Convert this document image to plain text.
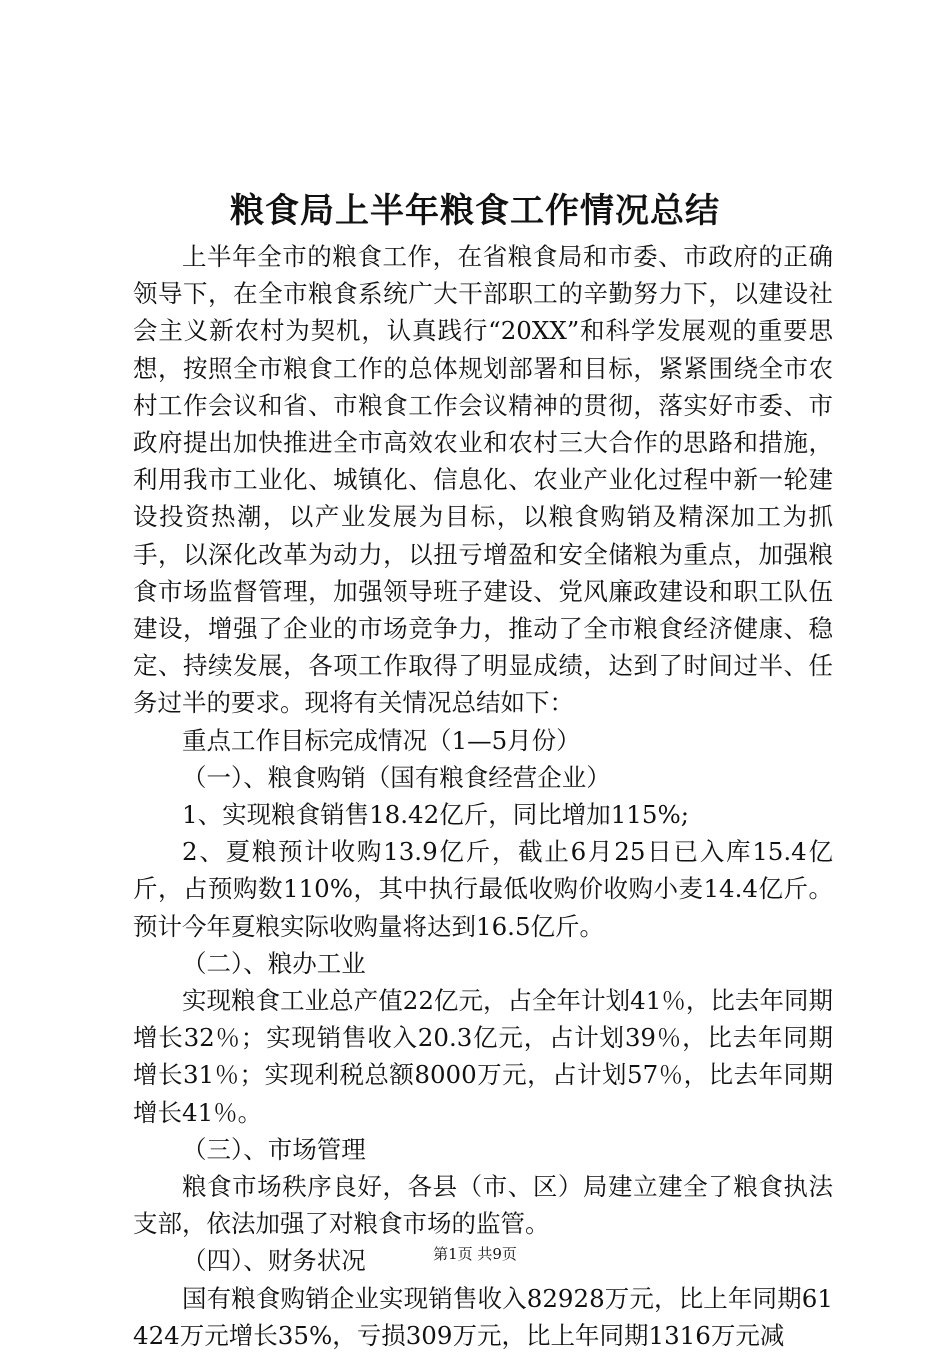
粮食局上半年粮食工作情况总结

上半年全市的粮食工作，在省粮食局和市委、市政府的正确领导下，在全市粮食系统广大干部职工的辛勤努力下，以建设社会主义新农村为契机，认真践行“20XX”和科学发展观的重要思想，按照全市粮食工作的总体规划部署和目标，紧紧围绕全市农村工作会议和省、市粮食工作会议精神的贯彻，落实好市委、市政府提出加快推进全市高效农业和农村三大合作的思路和措施，利用我市工业化、城镇化、信息化、农业产业化过程中新一轮建设投资热潮，以产业发展为目标，以粮食购销及精深加工为抓手，以深化改革为动力，以扭亏增盈和安全储粮为重点，加强粮食市场监督管理，加强领导班子建设、党风廉政建设和职工队伍建设，增强了企业的市场竞争力，推动了全市粮食经济健康、稳定、持续发展，各项工作取得了明显成绩，达到了时间过半、任务过半的要求。现将有关情况总结如下：

重点工作目标完成情况（1—5月份）

（一）、粮食购销（国有粮食经营企业）

1、实现粮食销售18.42亿斤，同比增加115%;

2、夏粮预计收购13.9亿斤，截止6月25日已入库15.4亿斤，占预购数110%，其中执行最低收购价收购小麦14.4亿斤。预计今年夏粮实际收购量将达到16.5亿斤。

（二）、粮办工业

实现粮食工业总产值22亿元，占全年计划41％，比去年同期增长32％；实现销售收入20.3亿元，占计划39％，比去年同期增长31％；实现利税总额8000万元，占计划57％，比去年同期增长41％。

（三）、市场管理

粮食市场秩序良好，各县（市、区）局建立建全了粮食执法支部，依法加强了对粮食市场的监管。

（四）、财务状况

国有粮食购销企业实现销售收入82928万元，比上年同期61424万元增长35%，亏损309万元，比上年同期1316万元减

第1页 共9页
